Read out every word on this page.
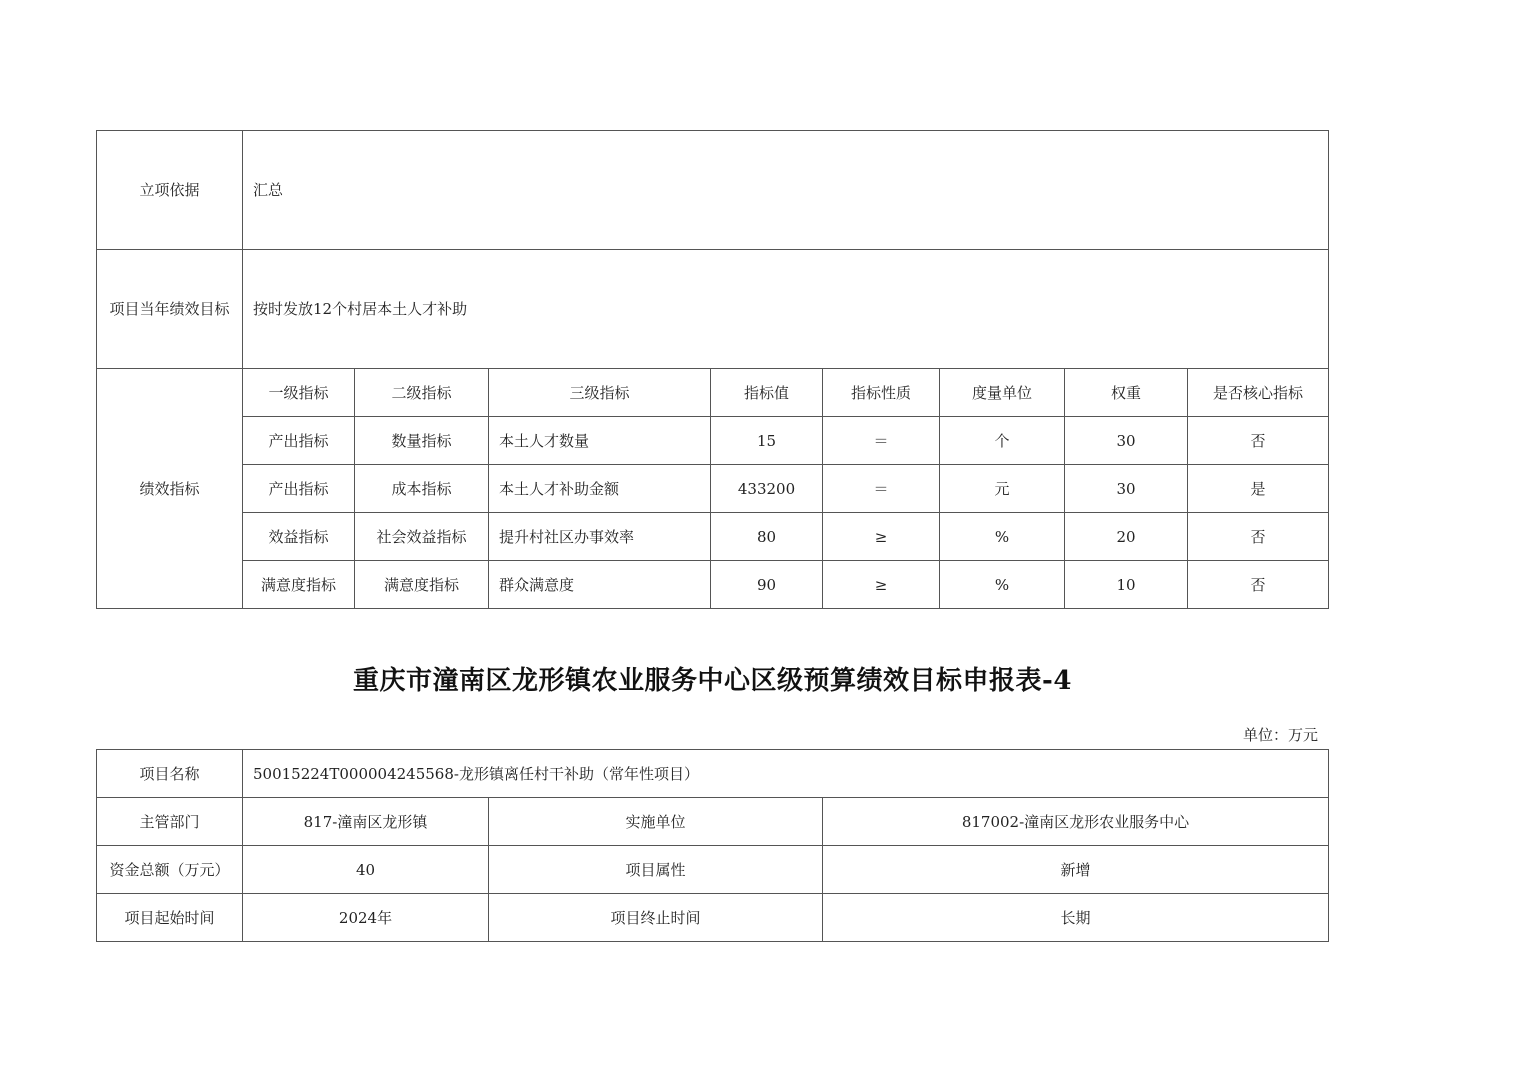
立项依据	汇总							
项目当年绩效目标	按时发放12个村居本土人才补助							
绩效指标	一级指标	二级指标	三级指标	指标值	指标性质	度量单位	权重	是否核心指标
	产出指标	数量指标	本土人才数量	15	＝	个	30	否
	产出指标	成本指标	本土人才补助金额	433200	＝	元	30	是
	效益指标	社会效益指标	提升村社区办事效率	80	≥	%	20	否
	满意度指标	满意度指标	群众满意度	90	≥	%	10	否
重庆市潼南区龙形镇农业服务中心区级预算绩效目标申报表-4
单位：万元
项目名称	50015224T000004245568-龙形镇离任村干补助（常年性项目）		
主管部门	817-潼南区龙形镇	实施单位	817002-潼南区龙形农业服务中心
资金总额（万元）	40	项目属性	新增
项目起始时间	2024年	项目终止时间	长期
